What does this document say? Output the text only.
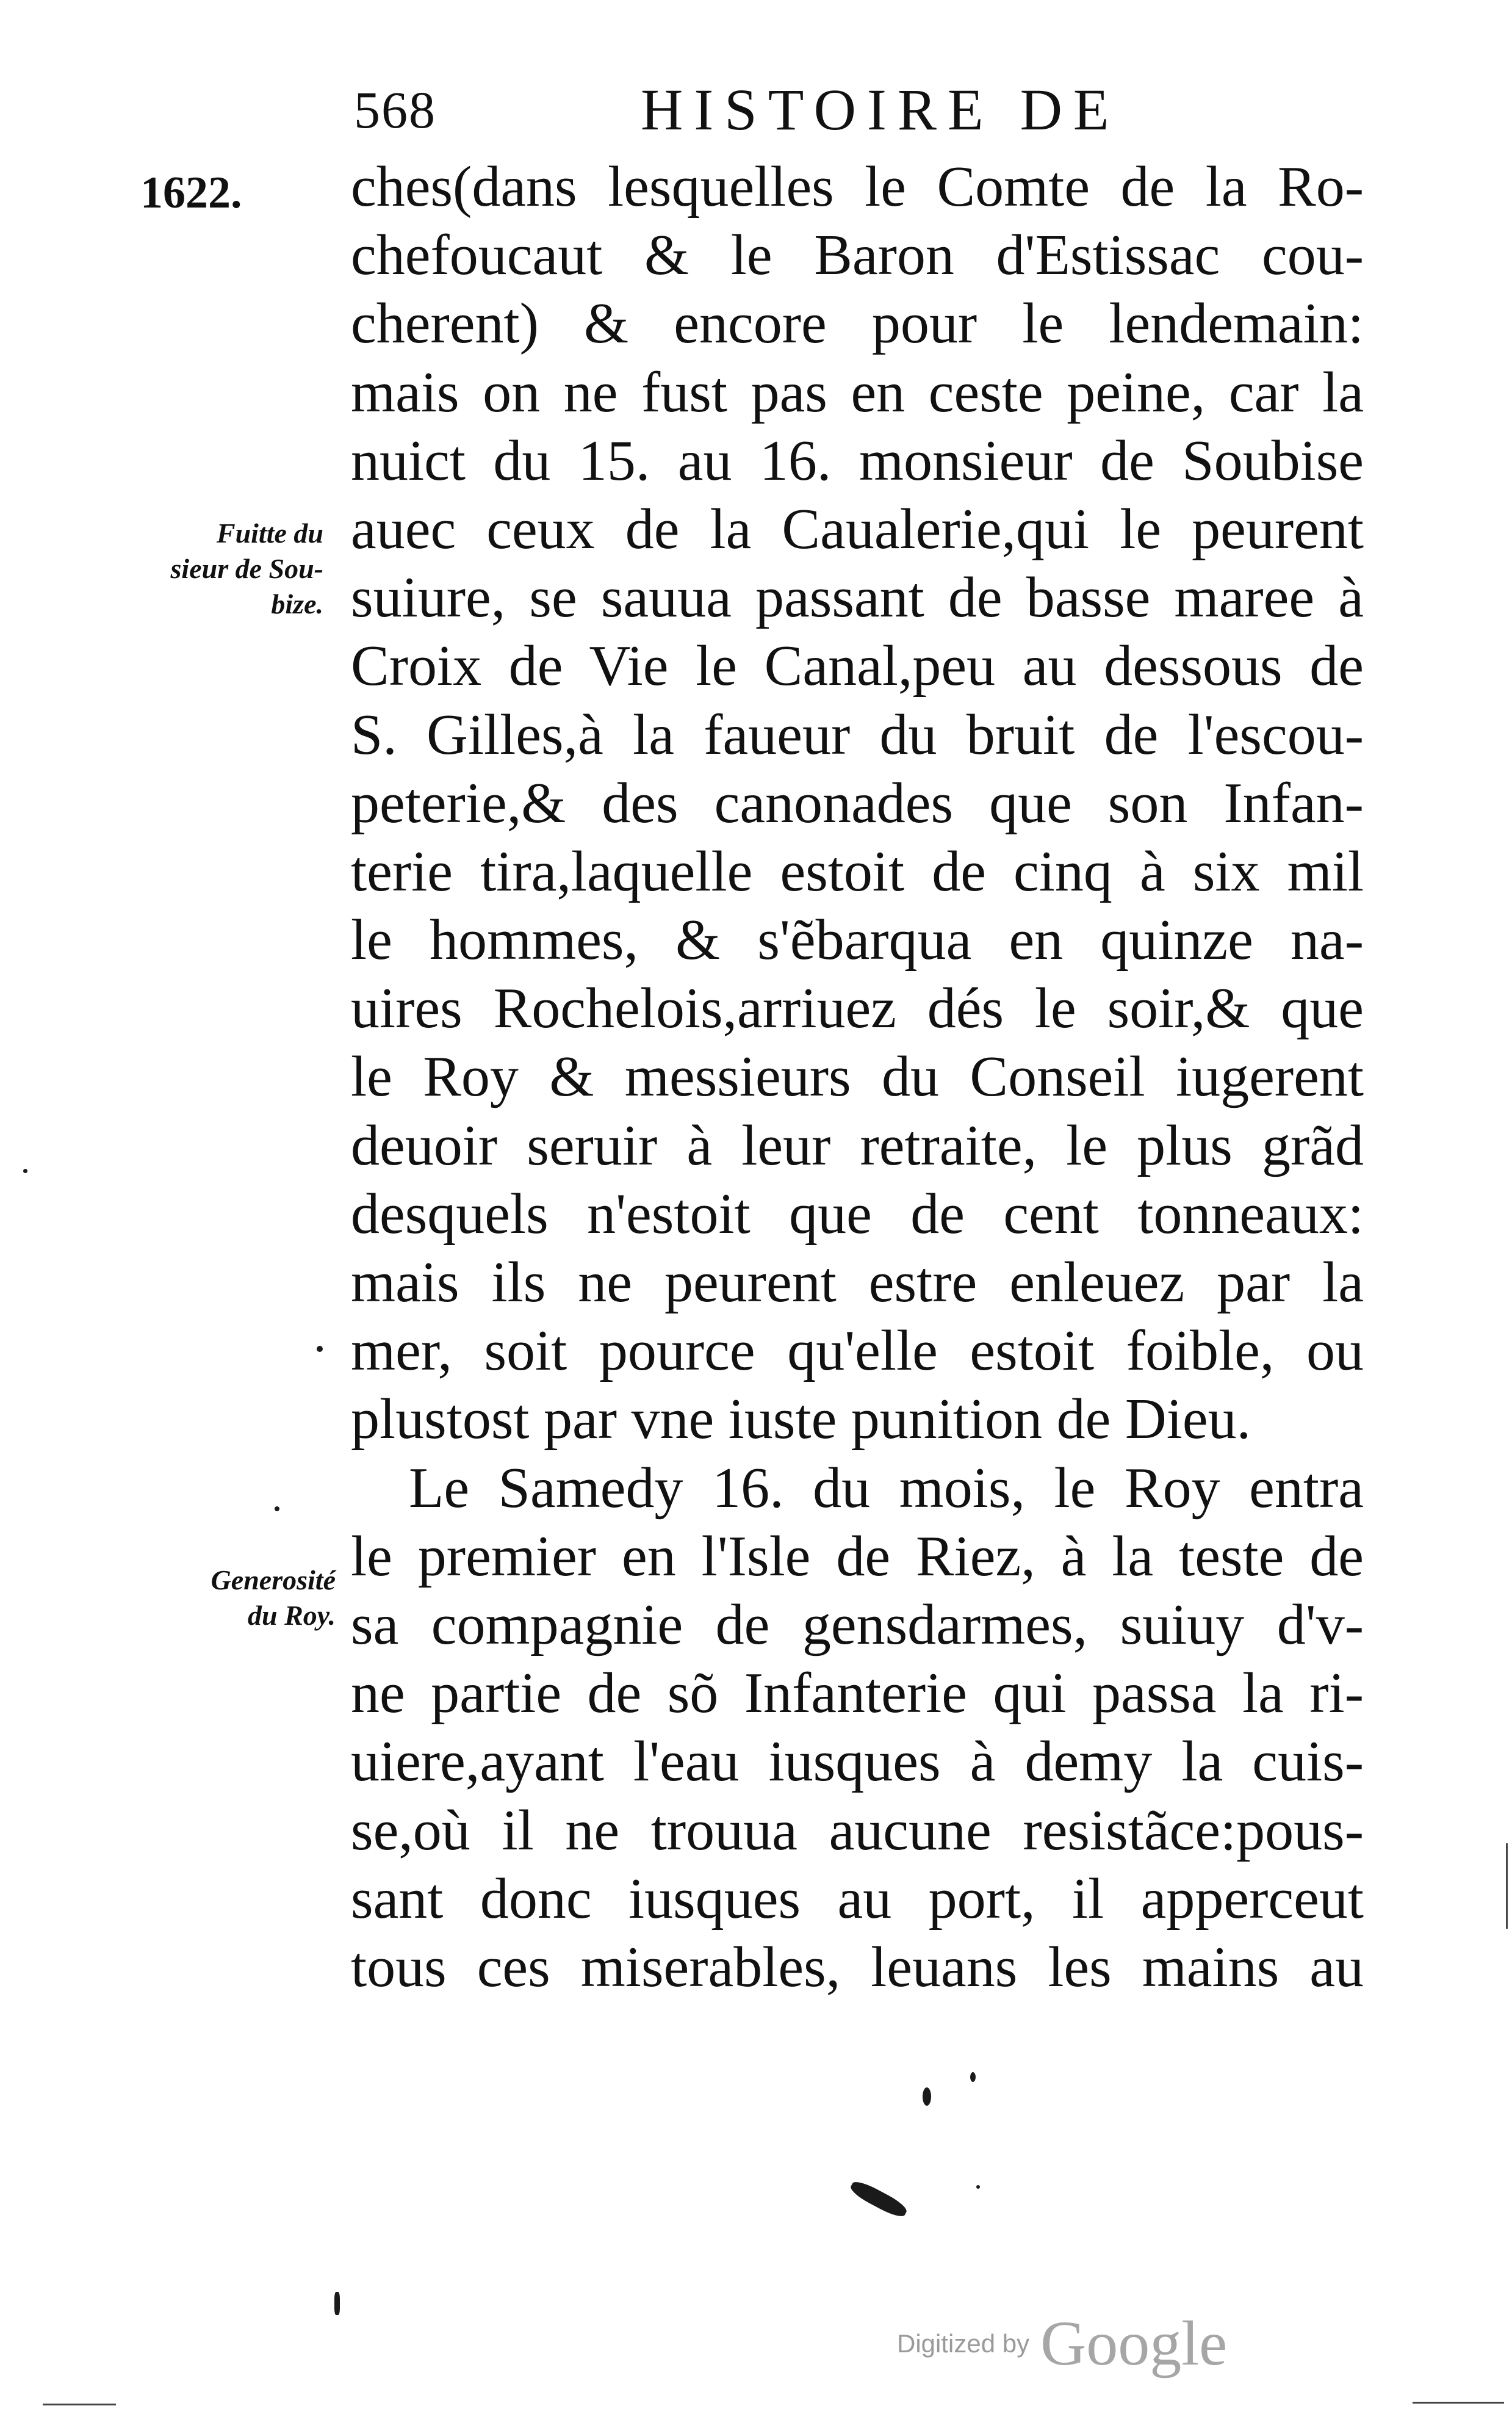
568	HISTOIRE DE
1622.
Fuitte du
sieur de Sou-
bize.
Generosité
du Roy.
ches(dans lesquelles le Comte de la Ro-
chefoucaut & le Baron d'Estissac cou-
cherent) & encore pour le lendemain:
mais on ne fust pas en ceste peine, car la
nuict du 15. au 16. monsieur de Soubise
auec ceux de la Caualerie,qui le peurent
suiure, se sauua passant de basse maree à
Croix de Vie le Canal,peu au dessous de
S. Gilles,à la faueur du bruit de l'escou-
peterie,& des canonades que son Infan-
terie tira,laquelle estoit de cinq à six mil
le hommes, & s'ẽbarqua en quinze na-
uires Rochelois,arriuez dés le soir,& que
le Roy & messieurs du Conseil iugerent
deuoir seruir à leur retraite, le plus grãd
desquels n'estoit que de cent tonneaux:
mais ils ne peurent estre enleuez par la
mer, soit pource qu'elle estoit foible, ou
plustost par vne iuste punition de Dieu.
Le Samedy 16. du mois, le Roy entra
le premier en l'Isle de Riez, à la teste de
sa compagnie de gensdarmes, suiuy d'v-
ne partie de sõ Infanterie qui passa la ri-
uiere,ayant l'eau iusques à demy la cuis-
se,où il ne trouua aucune resistãce:pous-
sant donc iusques au port, il apperceut
tous ces miserables, leuans les mains au
Digitized by Google
